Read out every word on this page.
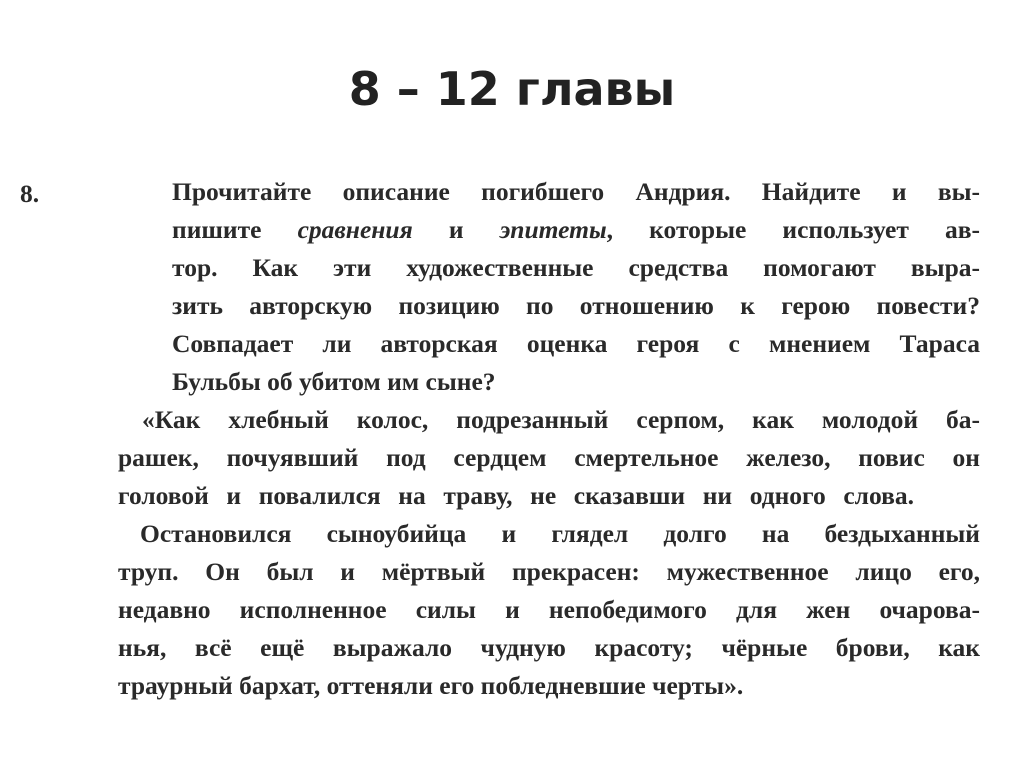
8 – 12 главы
8.	Прочитайте описание погибшего Андрия. Найдите и вы-
пишите сравнения и эпитеты, которые использует ав-
тор. Как эти художественные средства помогают выра-
зить авторскую позицию по отношению к герою повести?
Совпадает ли авторская оценка героя с мнением Тараса
Бульбы об убитом им сыне?
«Как хлебный колос, подрезанный серпом, как молодой ба-
рашек, почуявший под сердцем смертельное железо, повис он
головой и повалился на траву, не сказавши ни одного слова.
Остановился сыноубийца и глядел долго на бездыханный
труп. Он был и мёртвый прекрасен: мужественное лицо его,
недавно исполненное силы и непобедимого для жен очарова-
нья, всё ещё выражало чудную красоту; чёрные брови, как
траурный бархат, оттеняли его побледневшие черты».
